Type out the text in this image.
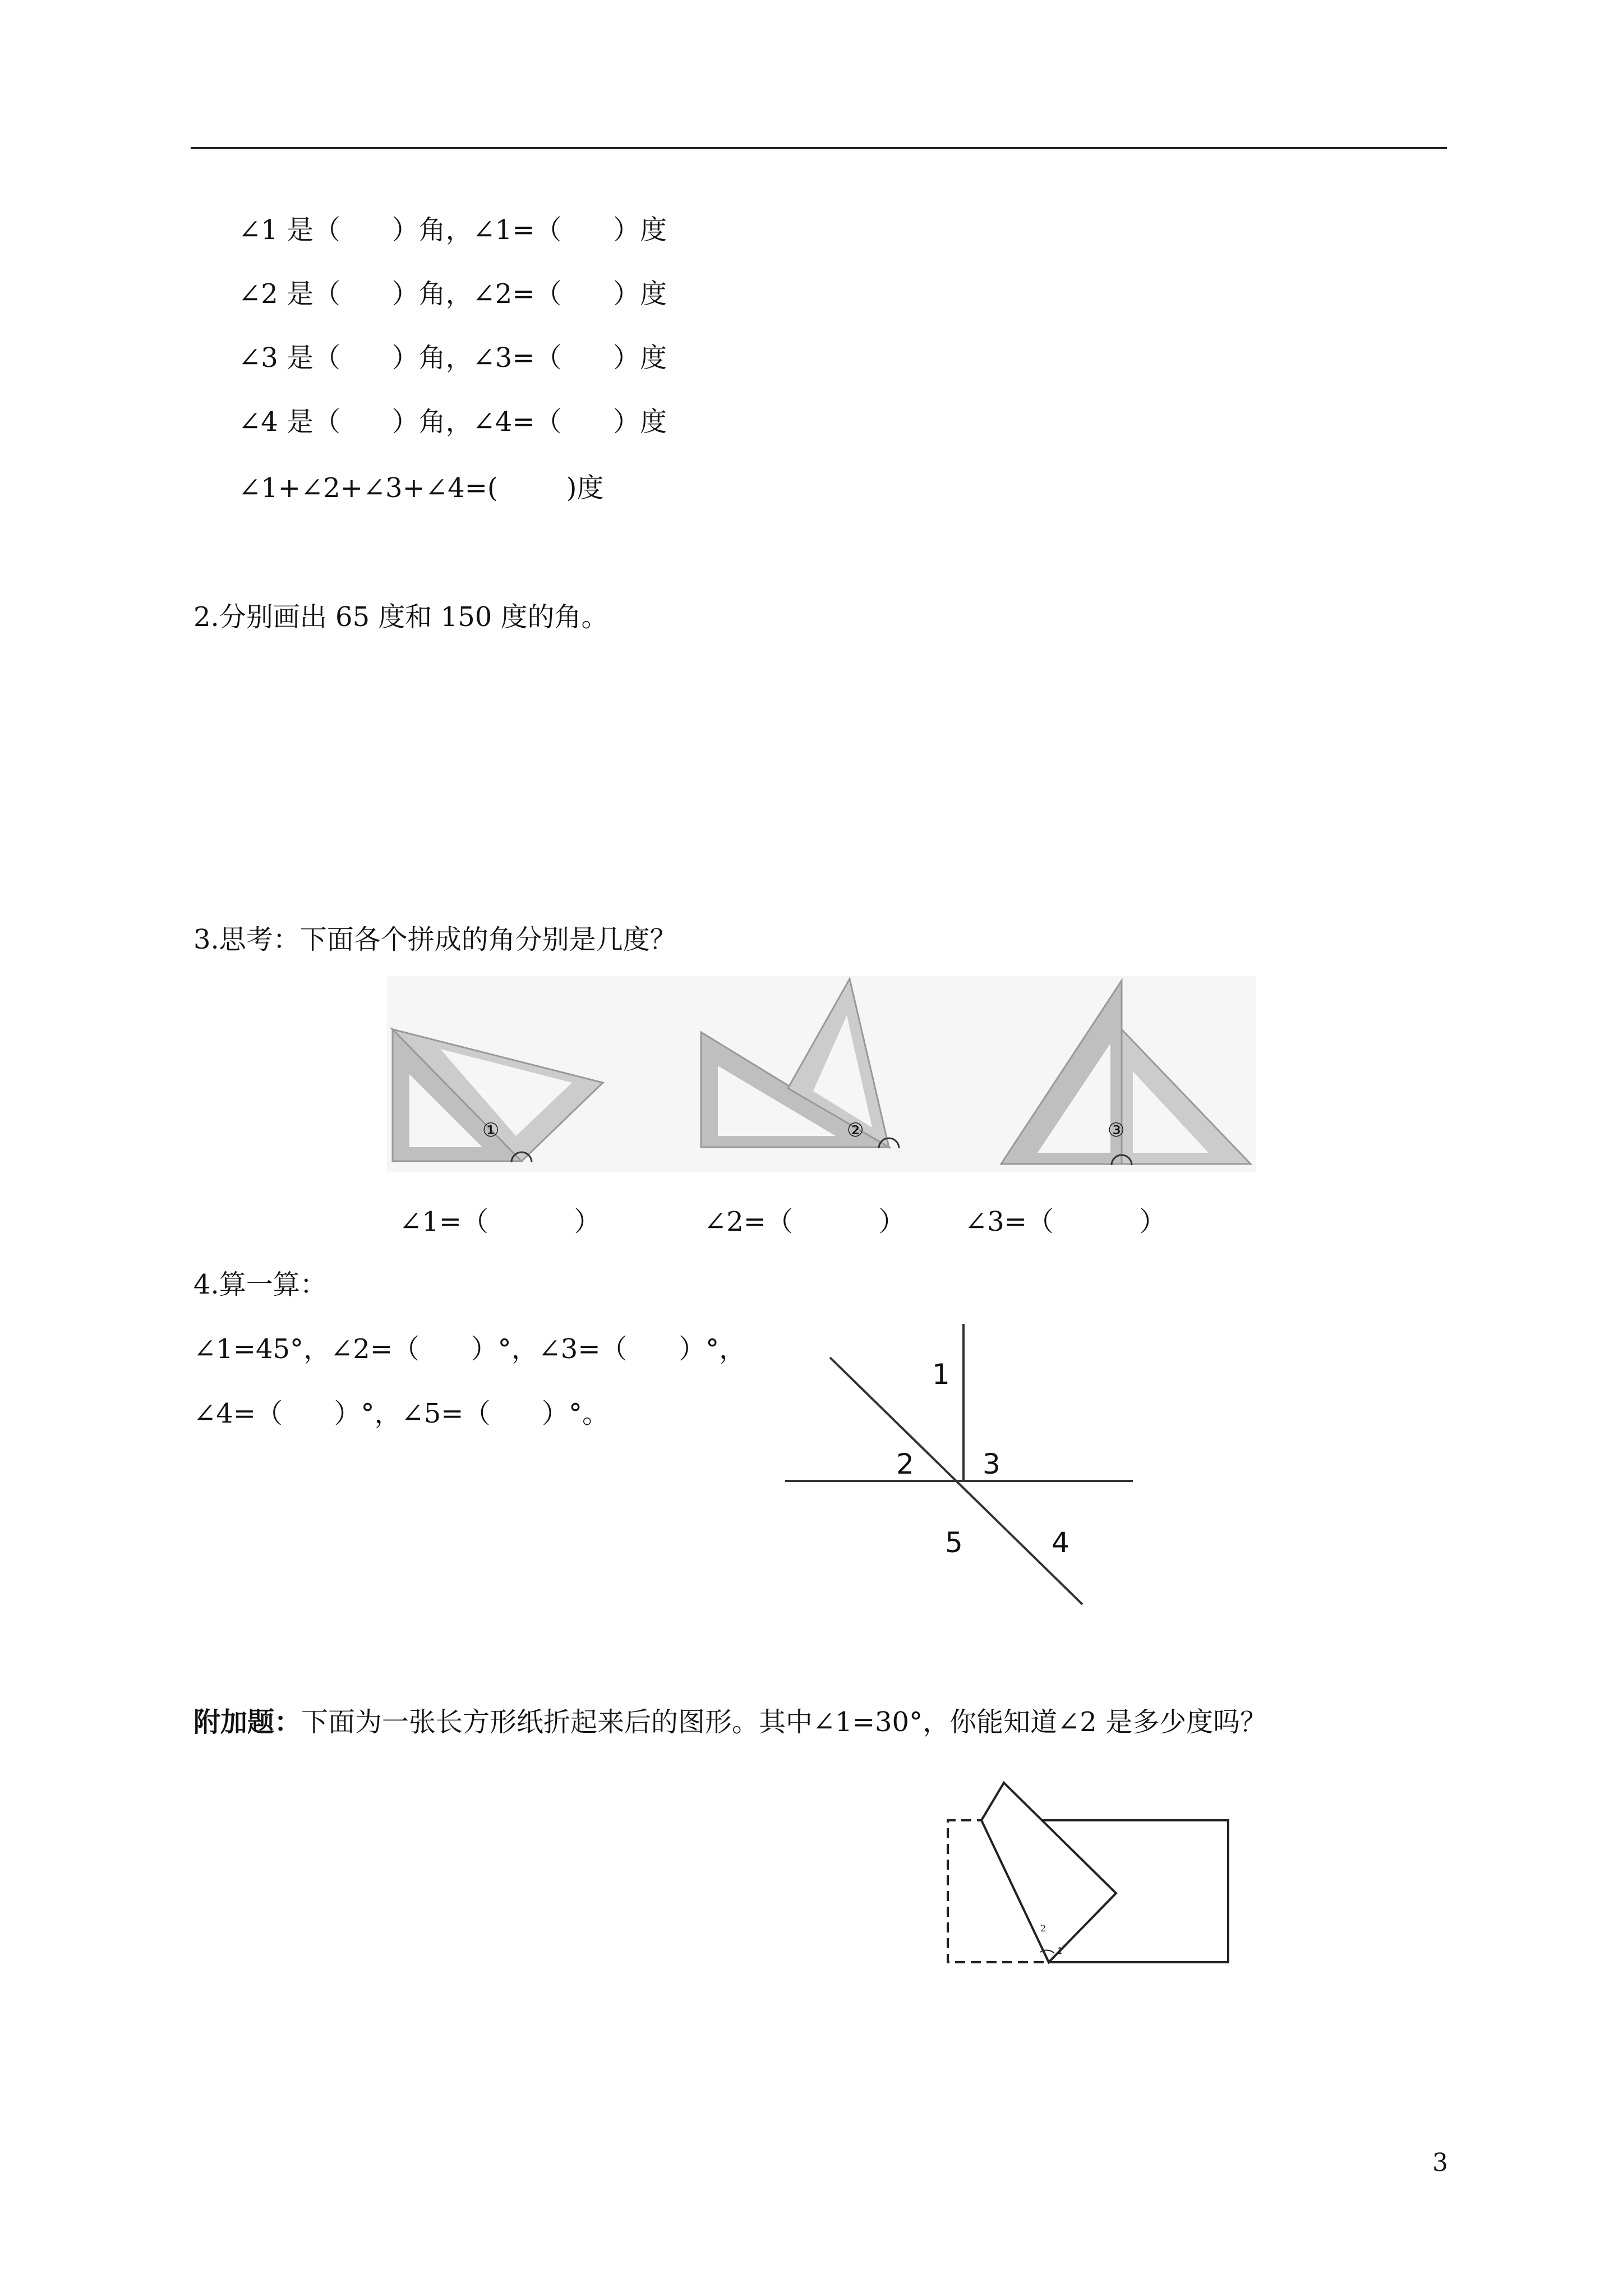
∠1 是（      ）角，∠1=（      ）度
∠2 是（      ）角，∠2=（      ）度
∠3 是（      ）角，∠3=（      ）度
∠4 是（      ）角，∠4=（      ）度
∠1+∠2+∠3+∠4=(        )度
2.分别画出 65 度和 150 度的角。
3.思考：下面各个拼成的角分别是几度？
①	②	③
∠1=（          ）	∠2=（          ） ∠3=（          ）
4.算一算：
∠1=45°，∠2=（      ）°，∠3=（      ）°，
∠4=（      ）°，∠5=（      ）°。
1
2 3
4
5
附加题：下面为一张长方形纸折起来后的图形。其中∠1=30°，你能知道∠2 是多少度吗？
2
1
3
